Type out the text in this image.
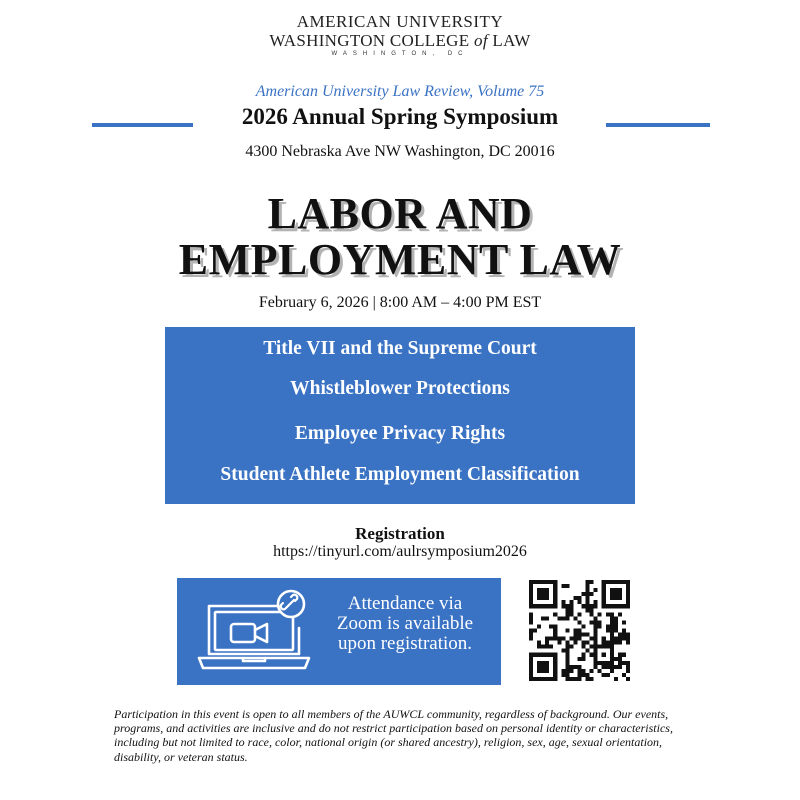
AMERICAN UNIVERSITY
WASHINGTON COLLEGE of LAW
WASHINGTON, DC
American University Law Review, Volume 75
2026 Annual Spring Symposium
4300 Nebraska Ave NW Washington, DC 20016
LABOR AND
EMPLOYMENT LAW
February 6, 2026 | 8:00 AM – 4:00 PM EST
Title VII and the Supreme Court
Whistleblower Protections
Employee Privacy Rights
Student Athlete Employment Classification
Registration
https://tinyurl.com/aulrsymposium2026
Attendance via
Zoom is available
upon registration.
Participation in this event is open to all members of the AUWCL community, regardless of background. Our events, programs, and activities are inclusive and do not restrict participation based on personal identity or characteristics, including but not limited to race, color, national origin (or shared ancestry), religion, sex, age, sexual orientation, disability, or veteran status.
